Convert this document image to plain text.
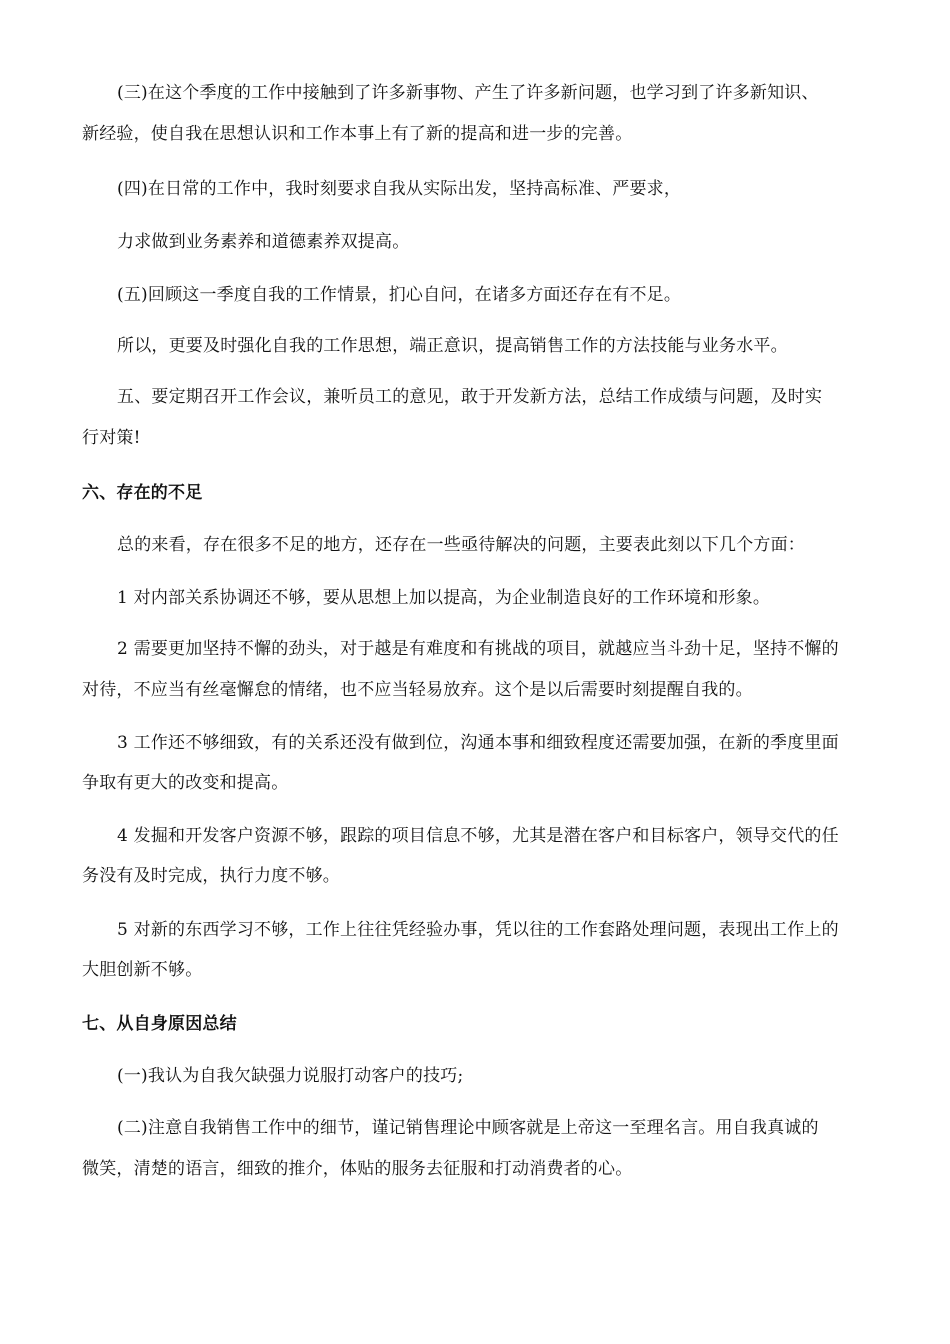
(三)在这个季度的工作中接触到了许多新事物、产生了许多新问题，也学习到了许多新知识、
新经验，使自我在思想认识和工作本事上有了新的提高和进一步的完善。
(四)在日常的工作中，我时刻要求自我从实际出发，坚持高标准、严要求，
力求做到业务素养和道德素养双提高。
(五)回顾这一季度自我的工作情景，扪心自问，在诸多方面还存在有不足。
所以，更要及时强化自我的工作思想，端正意识，提高销售工作的方法技能与业务水平。
五、要定期召开工作会议，兼听员工的意见，敢于开发新方法，总结工作成绩与问题，及时实
行对策!
六、存在的不足
总的来看，存在很多不足的地方，还存在一些亟待解决的问题，主要表此刻以下几个方面：
1 对内部关系协调还不够，要从思想上加以提高，为企业制造良好的工作环境和形象。
2 需要更加坚持不懈的劲头，对于越是有难度和有挑战的项目，就越应当斗劲十足，坚持不懈的
对待，不应当有丝毫懈怠的情绪，也不应当轻易放弃。这个是以后需要时刻提醒自我的。
3 工作还不够细致，有的关系还没有做到位，沟通本事和细致程度还需要加强，在新的季度里面
争取有更大的改变和提高。
4 发掘和开发客户资源不够，跟踪的项目信息不够，尤其是潜在客户和目标客户，领导交代的任
务没有及时完成，执行力度不够。
5 对新的东西学习不够，工作上往往凭经验办事，凭以往的工作套路处理问题，表现出工作上的
大胆创新不够。
七、从自身原因总结
(一)我认为自我欠缺强力说服打动客户的技巧;
(二)注意自我销售工作中的细节，谨记销售理论中顾客就是上帝这一至理名言。用自我真诚的
微笑，清楚的语言，细致的推介，体贴的服务去征服和打动消费者的心。
